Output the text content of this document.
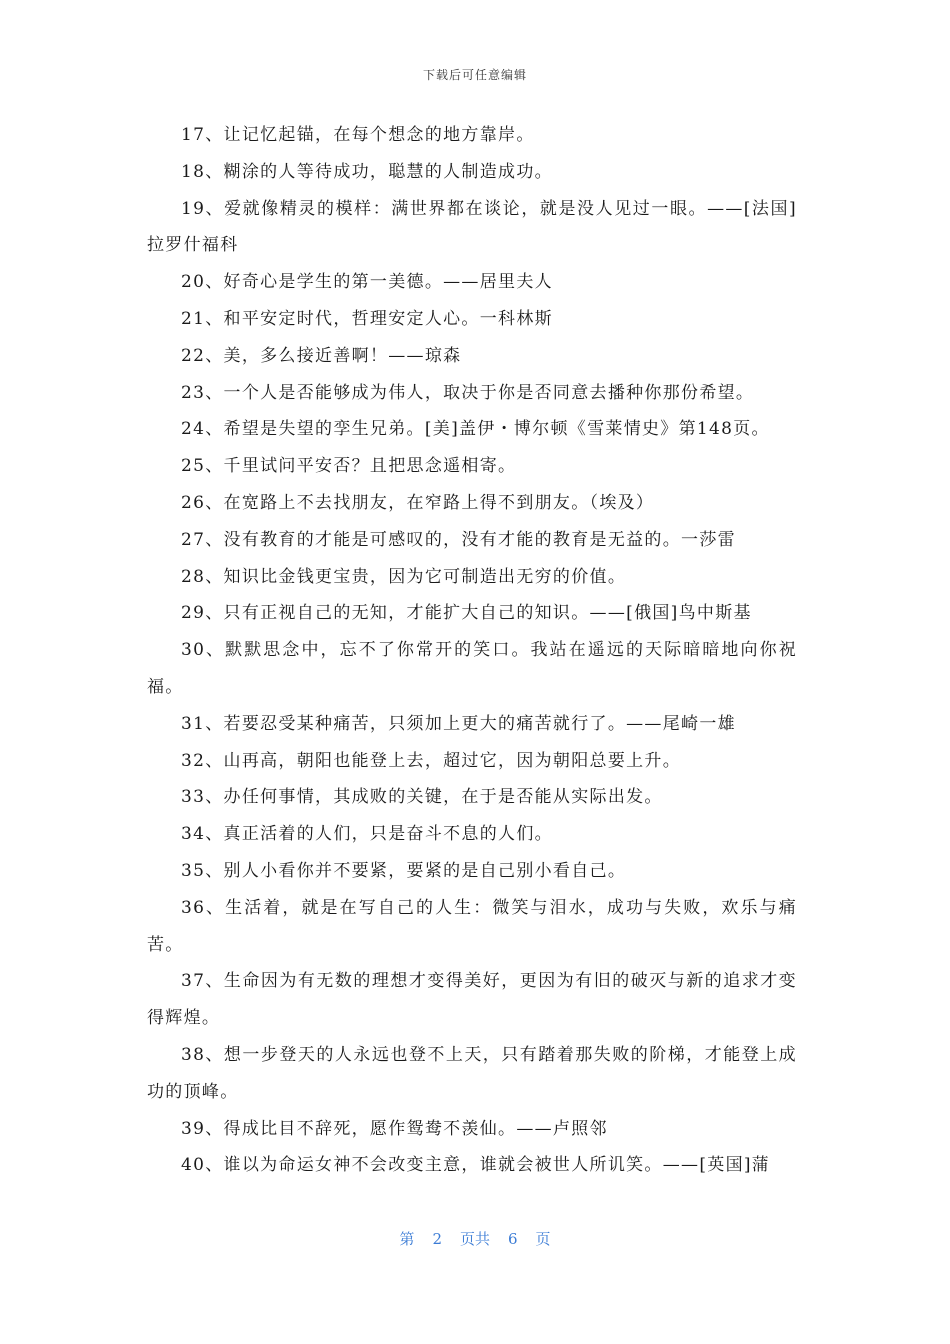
下载后可任意编辑

17、让记忆起锚，在每个想念的地方靠岸。

18、糊涂的人等待成功，聪慧的人制造成功。

19、爱就像精灵的模样：满世界都在谈论，就是没人见过一眼。——[法国]拉罗什福科

20、好奇心是学生的第一美德。——居里夫人

21、和平安定时代，哲理安定人心。一科林斯

22、美，多么接近善啊！——琼森

23、一个人是否能够成为伟人，取决于你是否同意去播种你那份希望。

24、希望是失望的孪生兄弟。[美]盖伊・博尔顿《雪莱情史》第148页。

25、千里试问平安否？且把思念遥相寄。

26、在宽路上不去找朋友，在窄路上得不到朋友。（埃及）

27、没有教育的才能是可感叹的，没有才能的教育是无益的。一莎雷

28、知识比金钱更宝贵，因为它可制造出无穷的价值。

29、只有正视自己的无知，才能扩大自己的知识。——[俄国]鸟中斯基

30、默默思念中，忘不了你常开的笑口。我站在遥远的天际暗暗地向你祝福。

31、若要忍受某种痛苦，只须加上更大的痛苦就行了。——尾崎一雄

32、山再高，朝阳也能登上去，超过它，因为朝阳总要上升。

33、办任何事情，其成败的关键，在于是否能从实际出发。

34、真正活着的人们，只是奋斗不息的人们。

35、别人小看你并不要紧，要紧的是自己别小看自己。

36、生活着，就是在写自己的人生：微笑与泪水，成功与失败，欢乐与痛苦。

37、生命因为有无数的理想才变得美好，更因为有旧的破灭与新的追求才变得辉煌。

38、想一步登天的人永远也登不上天，只有踏着那失败的阶梯，才能登上成功的顶峰。

39、得成比目不辞死，愿作鸳鸯不羡仙。——卢照邻

40、谁以为命运女神不会改变主意，谁就会被世人所讥笑。——[英国]蒲

第 2 页共 6 页
